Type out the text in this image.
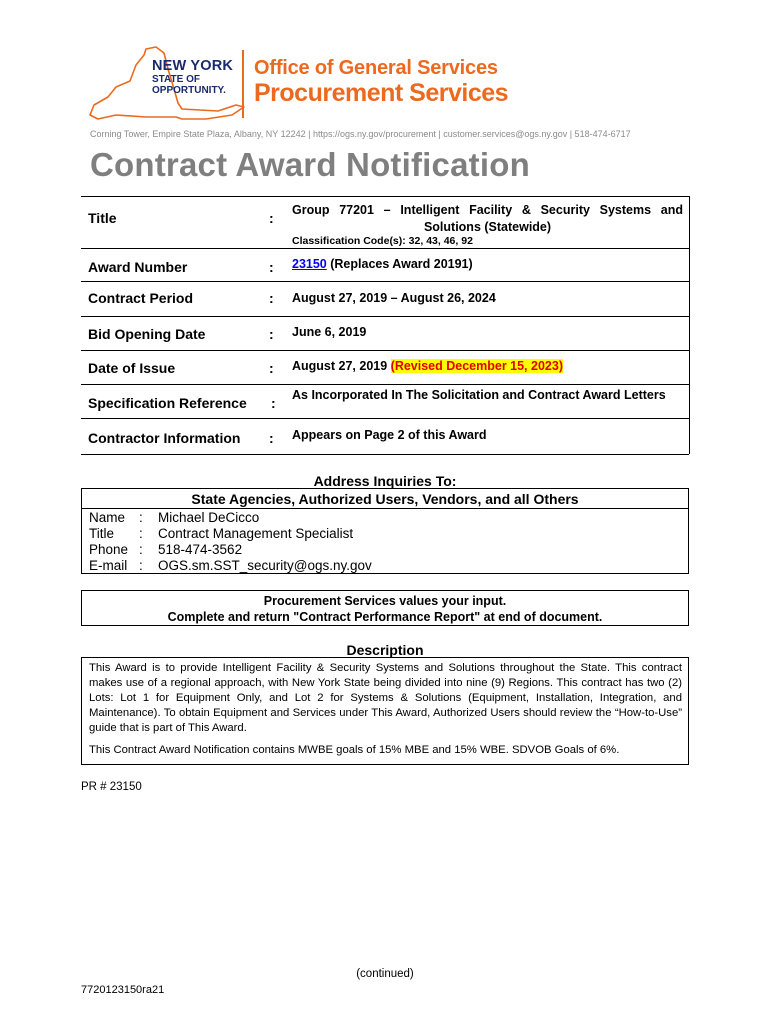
NEW YORK
STATE OF
OPPORTUNITY.
Office of General Services
Procurement Services
Corning Tower, Empire State Plaza, Albany, NY 12242 | https://ogs.ny.gov/procurement | customer.services@ogs.ny.gov | 518-474-6717
Contract Award Notification
Title	: Group 77201 – Intelligent Facility & Security Systems and Solutions (Statewide)
Classification Code(s): 32, 43, 46, 92
Award Number	: 23150 (Replaces Award 20191)
Contract Period	: August 27, 2019 – August 26, 2024
Bid Opening Date	: June 6, 2019
Date of Issue	: August 27, 2019 (Revised December 15, 2023)
Specification Reference : As Incorporated In The Solicitation and Contract Award Letters
Contractor Information : Appears on Page 2 of this Award
Address Inquiries To:
State Agencies, Authorized Users, Vendors, and all Others
Name : Michael DeCicco
Title : Contract Management Specialist
Phone : 518-474-3562
E-mail : OGS.sm.SST_security@ogs.ny.gov
Procurement Services values your input.
Complete and return "Contract Performance Report" at end of document.
Description

This Award is to provide Intelligent Facility & Security Systems and Solutions throughout the State. This contract makes use of a regional approach, with New York State being divided into nine (9) Regions. This contract has two (2) Lots: Lot 1 for Equipment Only, and Lot 2 for Systems & Solutions (Equipment, Installation, Integration, and Maintenance). To obtain Equipment and Services under This Award, Authorized Users should review the “How-to-Use” guide that is part of This Award.

This Contract Award Notification contains MWBE goals of 15% MBE and 15% WBE. SDVOB Goals of 6%.

PR # 23150
(continued)
7720123150ra21
